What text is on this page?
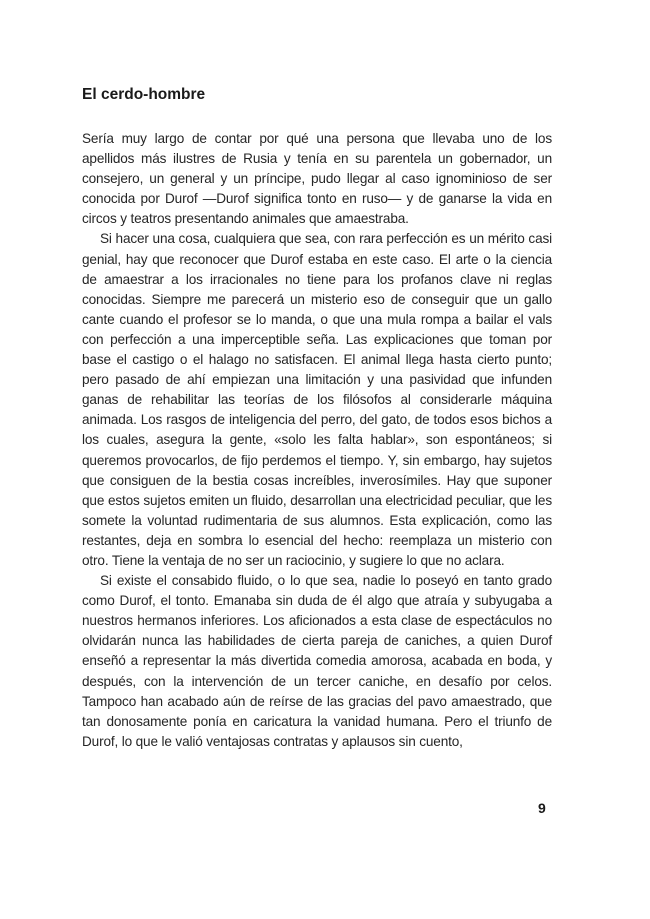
El cerdo-hombre

Sería muy largo de contar por qué una persona que llevaba uno de los apellidos más ilustres de Rusia y tenía en su parentela un gobernador, un consejero, un general y un príncipe, pudo llegar al caso ignominioso de ser conocida por Durof —Durof significa tonto en ruso— y de ganarse la vida en circos y teatros presentando animales que amaestraba.

Si hacer una cosa, cualquiera que sea, con rara perfección es un mérito casi genial, hay que reconocer que Durof estaba en este caso. El arte o la ciencia de amaestrar a los irracionales no tiene para los profanos clave ni reglas conocidas. Siempre me parecerá un misterio eso de conseguir que un gallo cante cuando el profesor se lo manda, o que una mula rompa a bailar el vals con perfección a una imperceptible seña. Las explicaciones que toman por base el castigo o el halago no satisfacen. El animal llega hasta cierto punto; pero pasado de ahí empiezan una limitación y una pasividad que infunden ganas de rehabilitar las teorías de los filósofos al considerarle máquina animada. Los rasgos de inteligencia del perro, del gato, de todos esos bichos a los cuales, asegura la gente, «solo les falta hablar», son espontáneos; si queremos provocarlos, de fijo perdemos el tiempo. Y, sin embargo, hay sujetos que consiguen de la bestia cosas increíbles, inverosímiles. Hay que suponer que estos sujetos emiten un fluido, desarrollan una electricidad peculiar, que les somete la voluntad rudimentaria de sus alumnos. Esta explicación, como las restantes, deja en sombra lo esencial del hecho: reemplaza un misterio con otro. Tiene la ventaja de no ser un raciocinio, y sugiere lo que no aclara.

Si existe el consabido fluido, o lo que sea, nadie lo poseyó en tanto grado como Durof, el tonto. Emanaba sin duda de él algo que atraía y subyugaba a nuestros hermanos inferiores. Los aficionados a esta clase de espectáculos no olvidarán nunca las habilidades de cierta pareja de caniches, a quien Durof enseñó a representar la más divertida comedia amorosa, acabada en boda, y después, con la intervención de un tercer caniche, en desafío por celos. Tampoco han acabado aún de reírse de las gracias del pavo amaestrado, que tan donosamente ponía en caricatura la vanidad humana. Pero el triunfo de Durof, lo que le valió ventajosas contratas y aplausos sin cuento,

9
